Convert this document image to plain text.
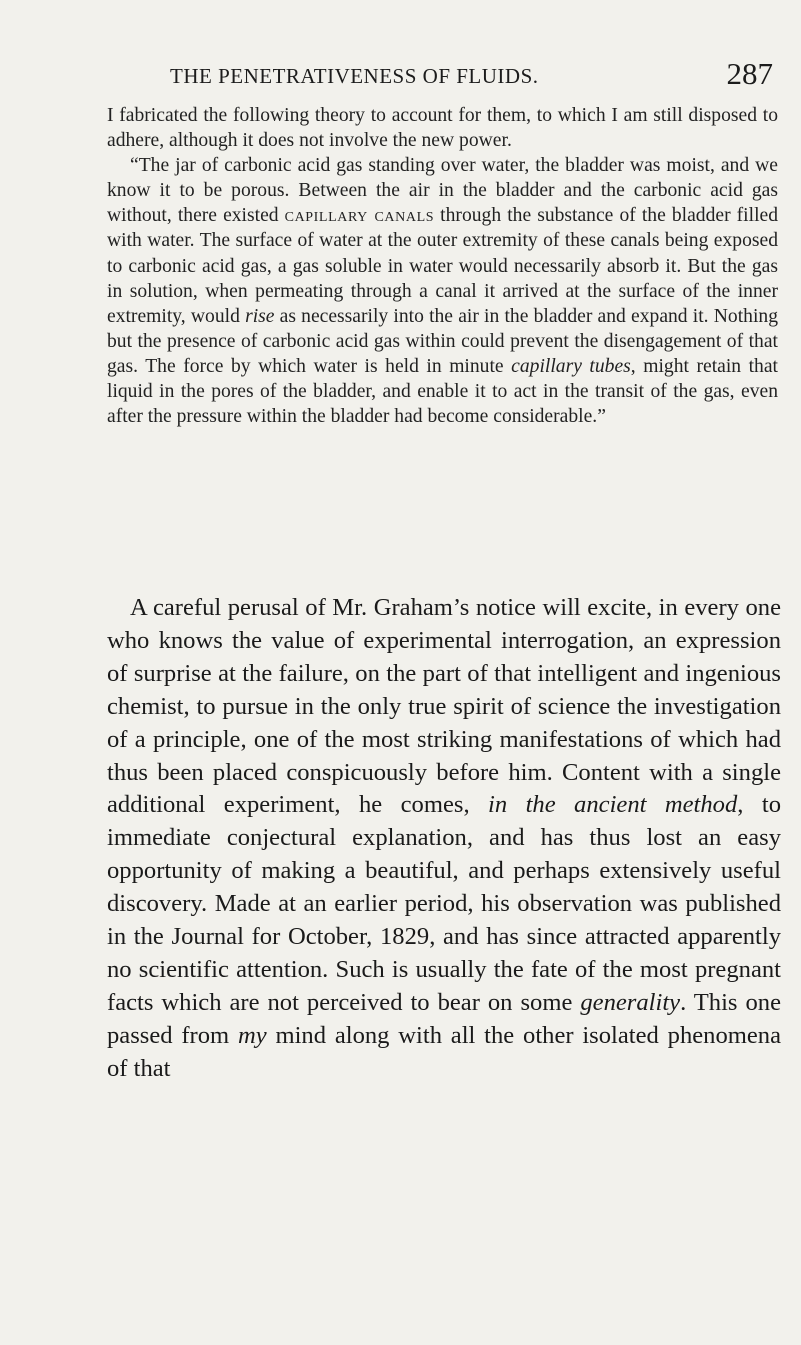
THE PENETRATIVENESS OF FLUIDS.	287

I fabricated the following theory to account for them, to which I am still disposed to adhere, although it does not involve the new power.

“The jar of carbonic acid gas standing over water, the bladder was moist, and we know it to be porous. Between the air in the bladder and the carbonic acid gas without, there existed capillary canals through the substance of the bladder filled with water. The surface of water at the outer extremity of these canals being exposed to carbonic acid gas, a gas soluble in water would necessarily absorb it. But the gas in solution, when permeating through a canal it arrived at the surface of the inner extremity, would rise as necessarily into the air in the bladder and expand it. Nothing but the presence of carbonic acid gas within could prevent the disengagement of that gas. The force by which water is held in minute capillary tubes, might retain that liquid in the pores of the bladder, and enable it to act in the transit of the gas, even after the pressure within the bladder had become considerable.”

A careful perusal of Mr. Graham’s notice will excite, in every one who knows the value of experimental interrogation, an expression of surprise at the failure, on the part of that intelligent and ingenious chemist, to pursue in the only true spirit of science the investigation of a principle, one of the most striking manifestations of which had thus been placed conspicuously before him. Content with a single additional experiment, he comes, in the ancient method, to immediate conjectural explanation, and has thus lost an easy opportunity of making a beautiful, and perhaps extensively useful discovery. Made at an earlier period, his observation was published in the Journal for October, 1829, and has since attracted apparently no scientific attention. Such is usually the fate of the most pregnant facts which are not perceived to bear on some generality. This one passed from my mind along with all the other isolated phenomena of that
